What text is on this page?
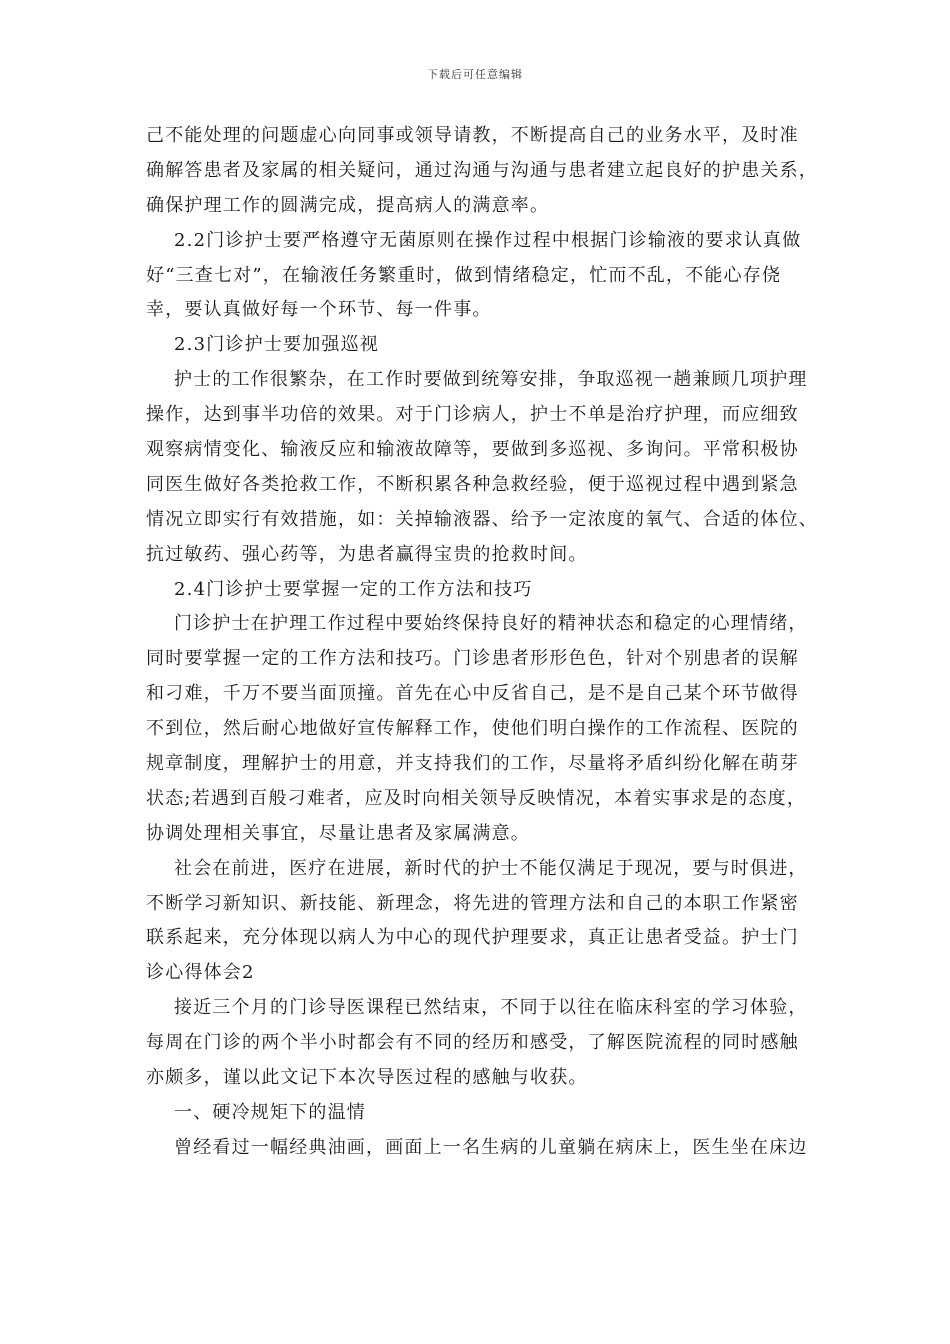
下载后可任意编辑
己不能处理的问题虚心向同事或领导请教，不断提高自己的业务水平，及时准
确解答患者及家属的相关疑问，通过沟通与沟通与患者建立起良好的护患关系，
确保护理工作的圆满完成，提高病人的满意率。
2.2门诊护士要严格遵守无菌原则在操作过程中根据门诊输液的要求认真做
好“三查七对”，在输液任务繁重时，做到情绪稳定，忙而不乱，不能心存侥
幸，要认真做好每一个环节、每一件事。
2.3门诊护士要加强巡视
护士的工作很繁杂，在工作时要做到统筹安排，争取巡视一趟兼顾几项护理
操作，达到事半功倍的效果。对于门诊病人，护士不单是治疗护理，而应细致
观察病情变化、输液反应和输液故障等，要做到多巡视、多询问。平常积极协
同医生做好各类抢救工作，不断积累各种急救经验，便于巡视过程中遇到紧急
情况立即实行有效措施，如：关掉输液器、给予一定浓度的氧气、合适的体位、
抗过敏药、强心药等，为患者赢得宝贵的抢救时间。
2.4门诊护士要掌握一定的工作方法和技巧
门诊护士在护理工作过程中要始终保持良好的精神状态和稳定的心理情绪，
同时要掌握一定的工作方法和技巧。门诊患者形形色色，针对个别患者的误解
和刁难，千万不要当面顶撞。首先在心中反省自己，是不是自己某个环节做得
不到位，然后耐心地做好宣传解释工作，使他们明白操作的工作流程、医院的
规章制度，理解护士的用意，并支持我们的工作，尽量将矛盾纠纷化解在萌芽
状态;若遇到百般刁难者，应及时向相关领导反映情况，本着实事求是的态度，
协调处理相关事宜，尽量让患者及家属满意。
社会在前进，医疗在进展，新时代的护士不能仅满足于现况，要与时俱进，
不断学习新知识、新技能、新理念，将先进的管理方法和自己的本职工作紧密
联系起来，充分体现以病人为中心的现代护理要求，真正让患者受益。护士门
诊心得体会2
接近三个月的门诊导医课程已然结束，不同于以往在临床科室的学习体验，
每周在门诊的两个半小时都会有不同的经历和感受，了解医院流程的同时感触
亦颇多，谨以此文记下本次导医过程的感触与收获。
一、硬冷规矩下的温情
曾经看过一幅经典油画，画面上一名生病的儿童躺在病床上，医生坐在床边
